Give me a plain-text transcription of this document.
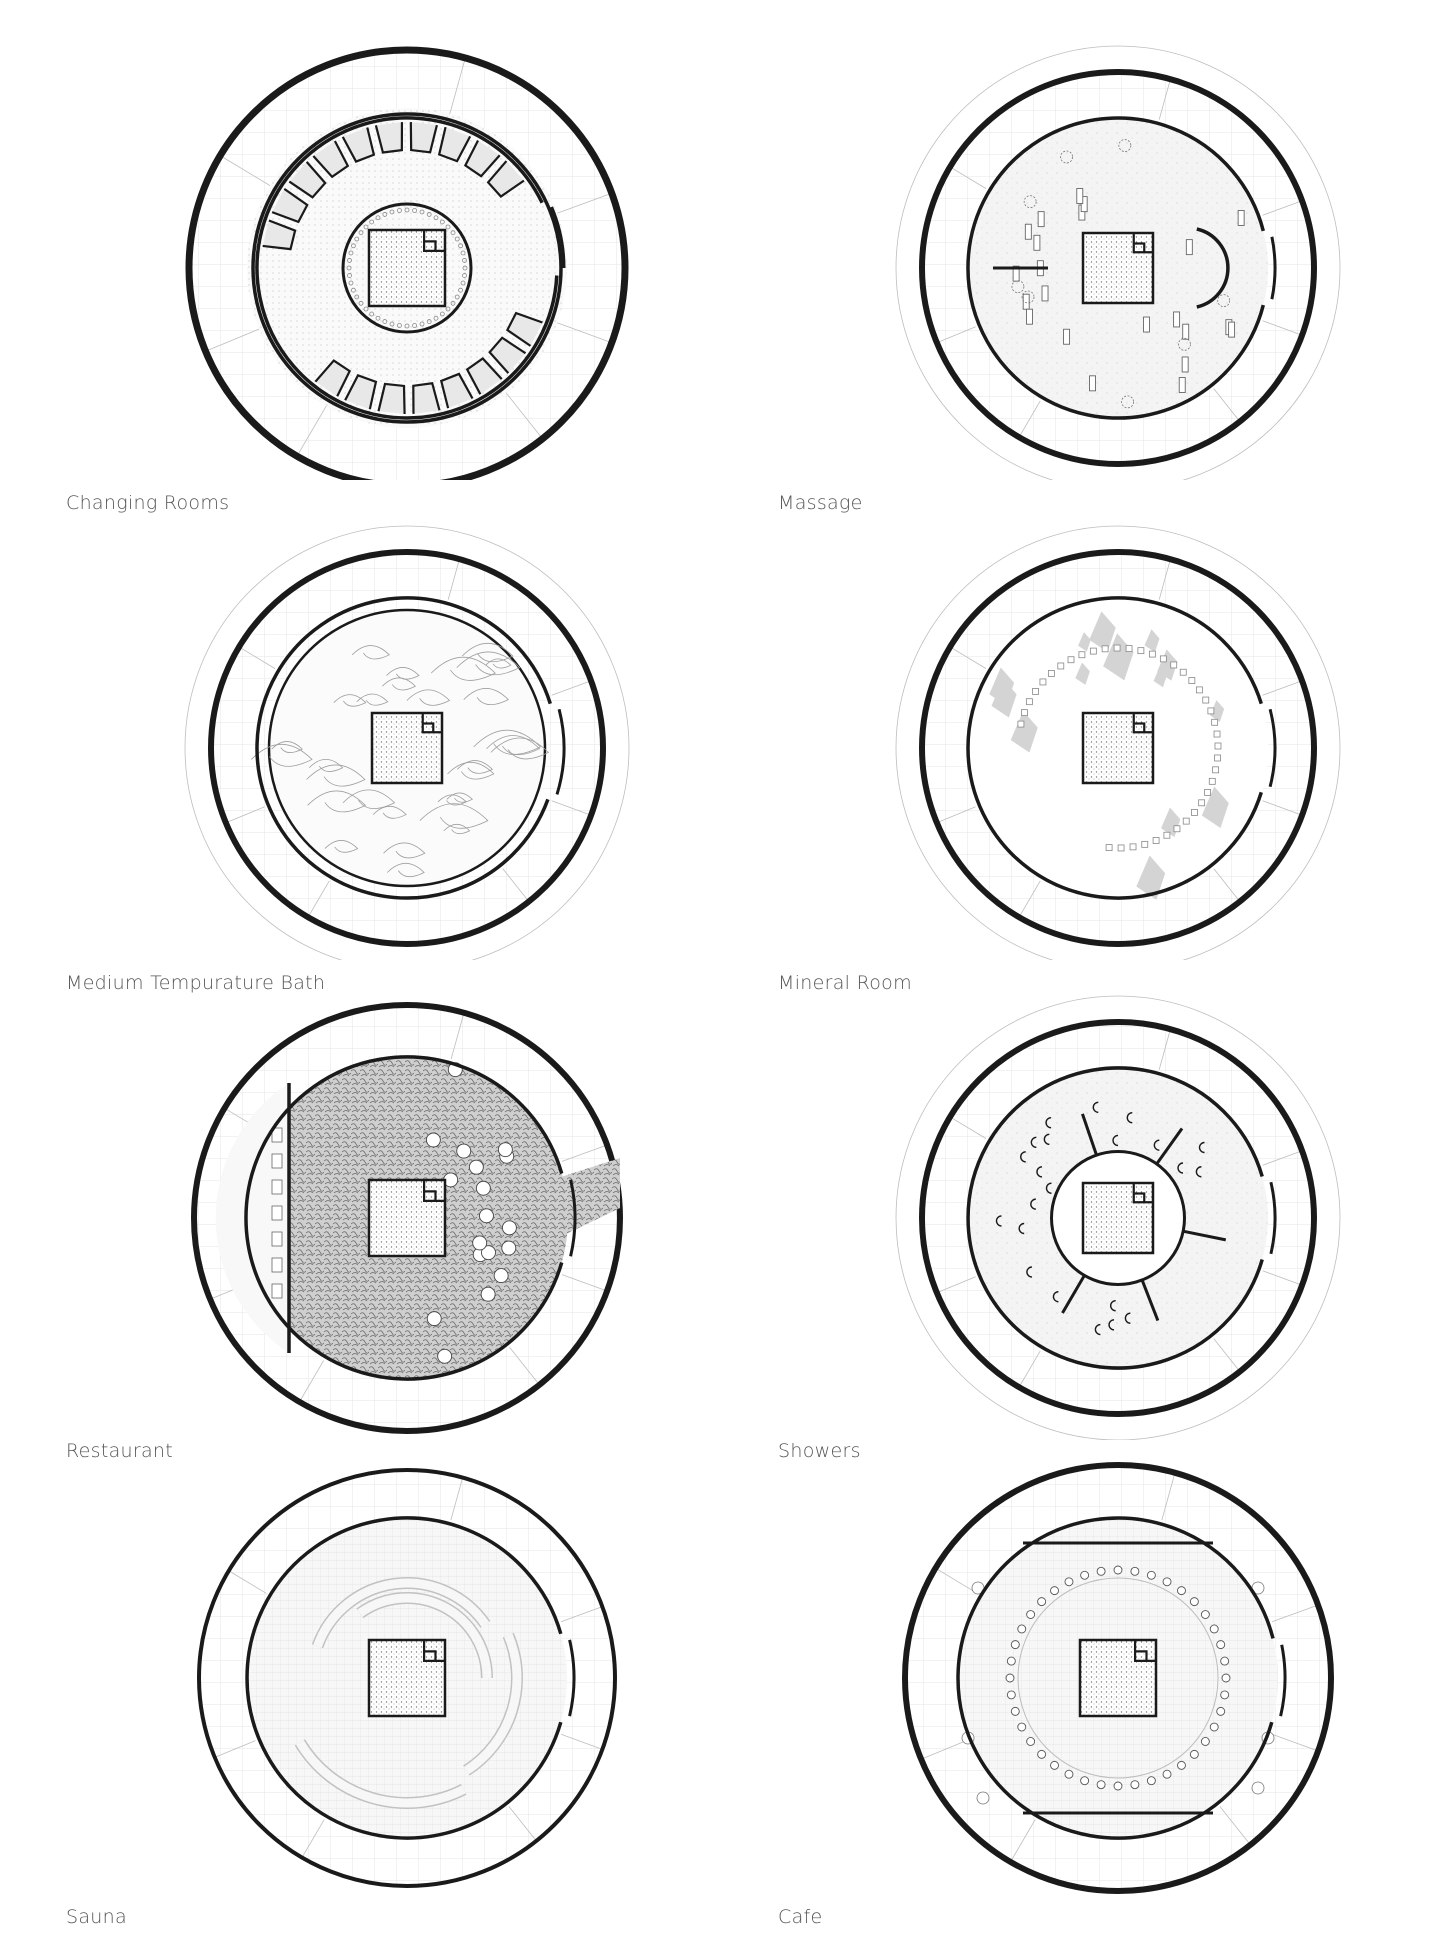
Changing Rooms	Massage
Medium Tempurature Bath	Mineral Room
Restaurant	Showers
Sauna	Cafe
